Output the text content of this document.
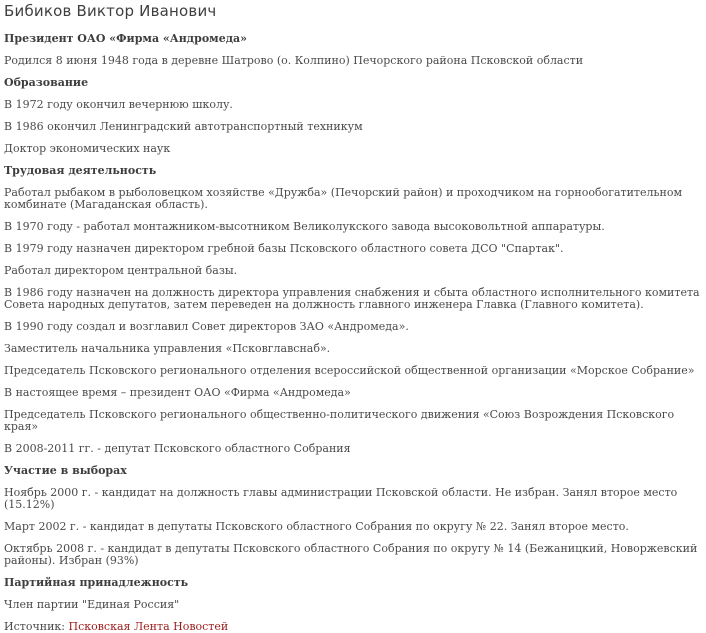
Бибиков Виктор Иванович

Президент ОАО «Фирма «Андромеда»

Родился 8 июня 1948 года в деревне Шатрово (о. Колпино) Печорского района Псковской области

Образование

В 1972 году окончил вечернюю школу.

В 1986 окончил Ленинградский автотранспортный техникум

Доктор экономических наук

Трудовая деятельность

Работал рыбаком в рыболовецком хозяйстве «Дружба» (Печорский район) и проходчиком на горнообогатительном комбинате (Магаданская область).

В 1970 году - работал монтажником-высотником Великолукского завода высоковольтной аппаратуры.

В 1979 году назначен директором гребной базы Псковского областного совета ДСО "Спартак".

Работал директором центральной базы.

В 1986 году назначен на должность директора управления снабжения и сбыта областного исполнительного комитета Совета народных депутатов, затем переведен на должность главного инженера Главка (Главного комитета).

В 1990 году создал и возглавил Совет директоров ЗАО «Андромеда».

Заместитель начальника управления «Псковглавснаб».

Председатель Псковского регионального отделения всероссийской общественной организации «Морское Собрание»

В настоящее время – президент ОАО «Фирма «Андромеда»

Председатель Псковского регионального общественно-политического движения «Союз Возрождения Псковского края»

В 2008-2011 гг. - депутат Псковского областного Собрания

Участие в выборах

Ноябрь 2000 г. - кандидат на должность главы администрации Псковской области. Не избран. Занял второе место (15.12%)

Март 2002 г. - кандидат в депутаты Псковского областного Собрания по округу № 22. Занял второе место.

Октябрь 2008 г. - кандидат в депутаты Псковского областного Собрания по округу № 14 (Бежаницкий, Новоржевский районы). Избран (93%)

Партийная принадлежность

Член партии "Единая Россия"

Источник: Псковская Лента Новостей
